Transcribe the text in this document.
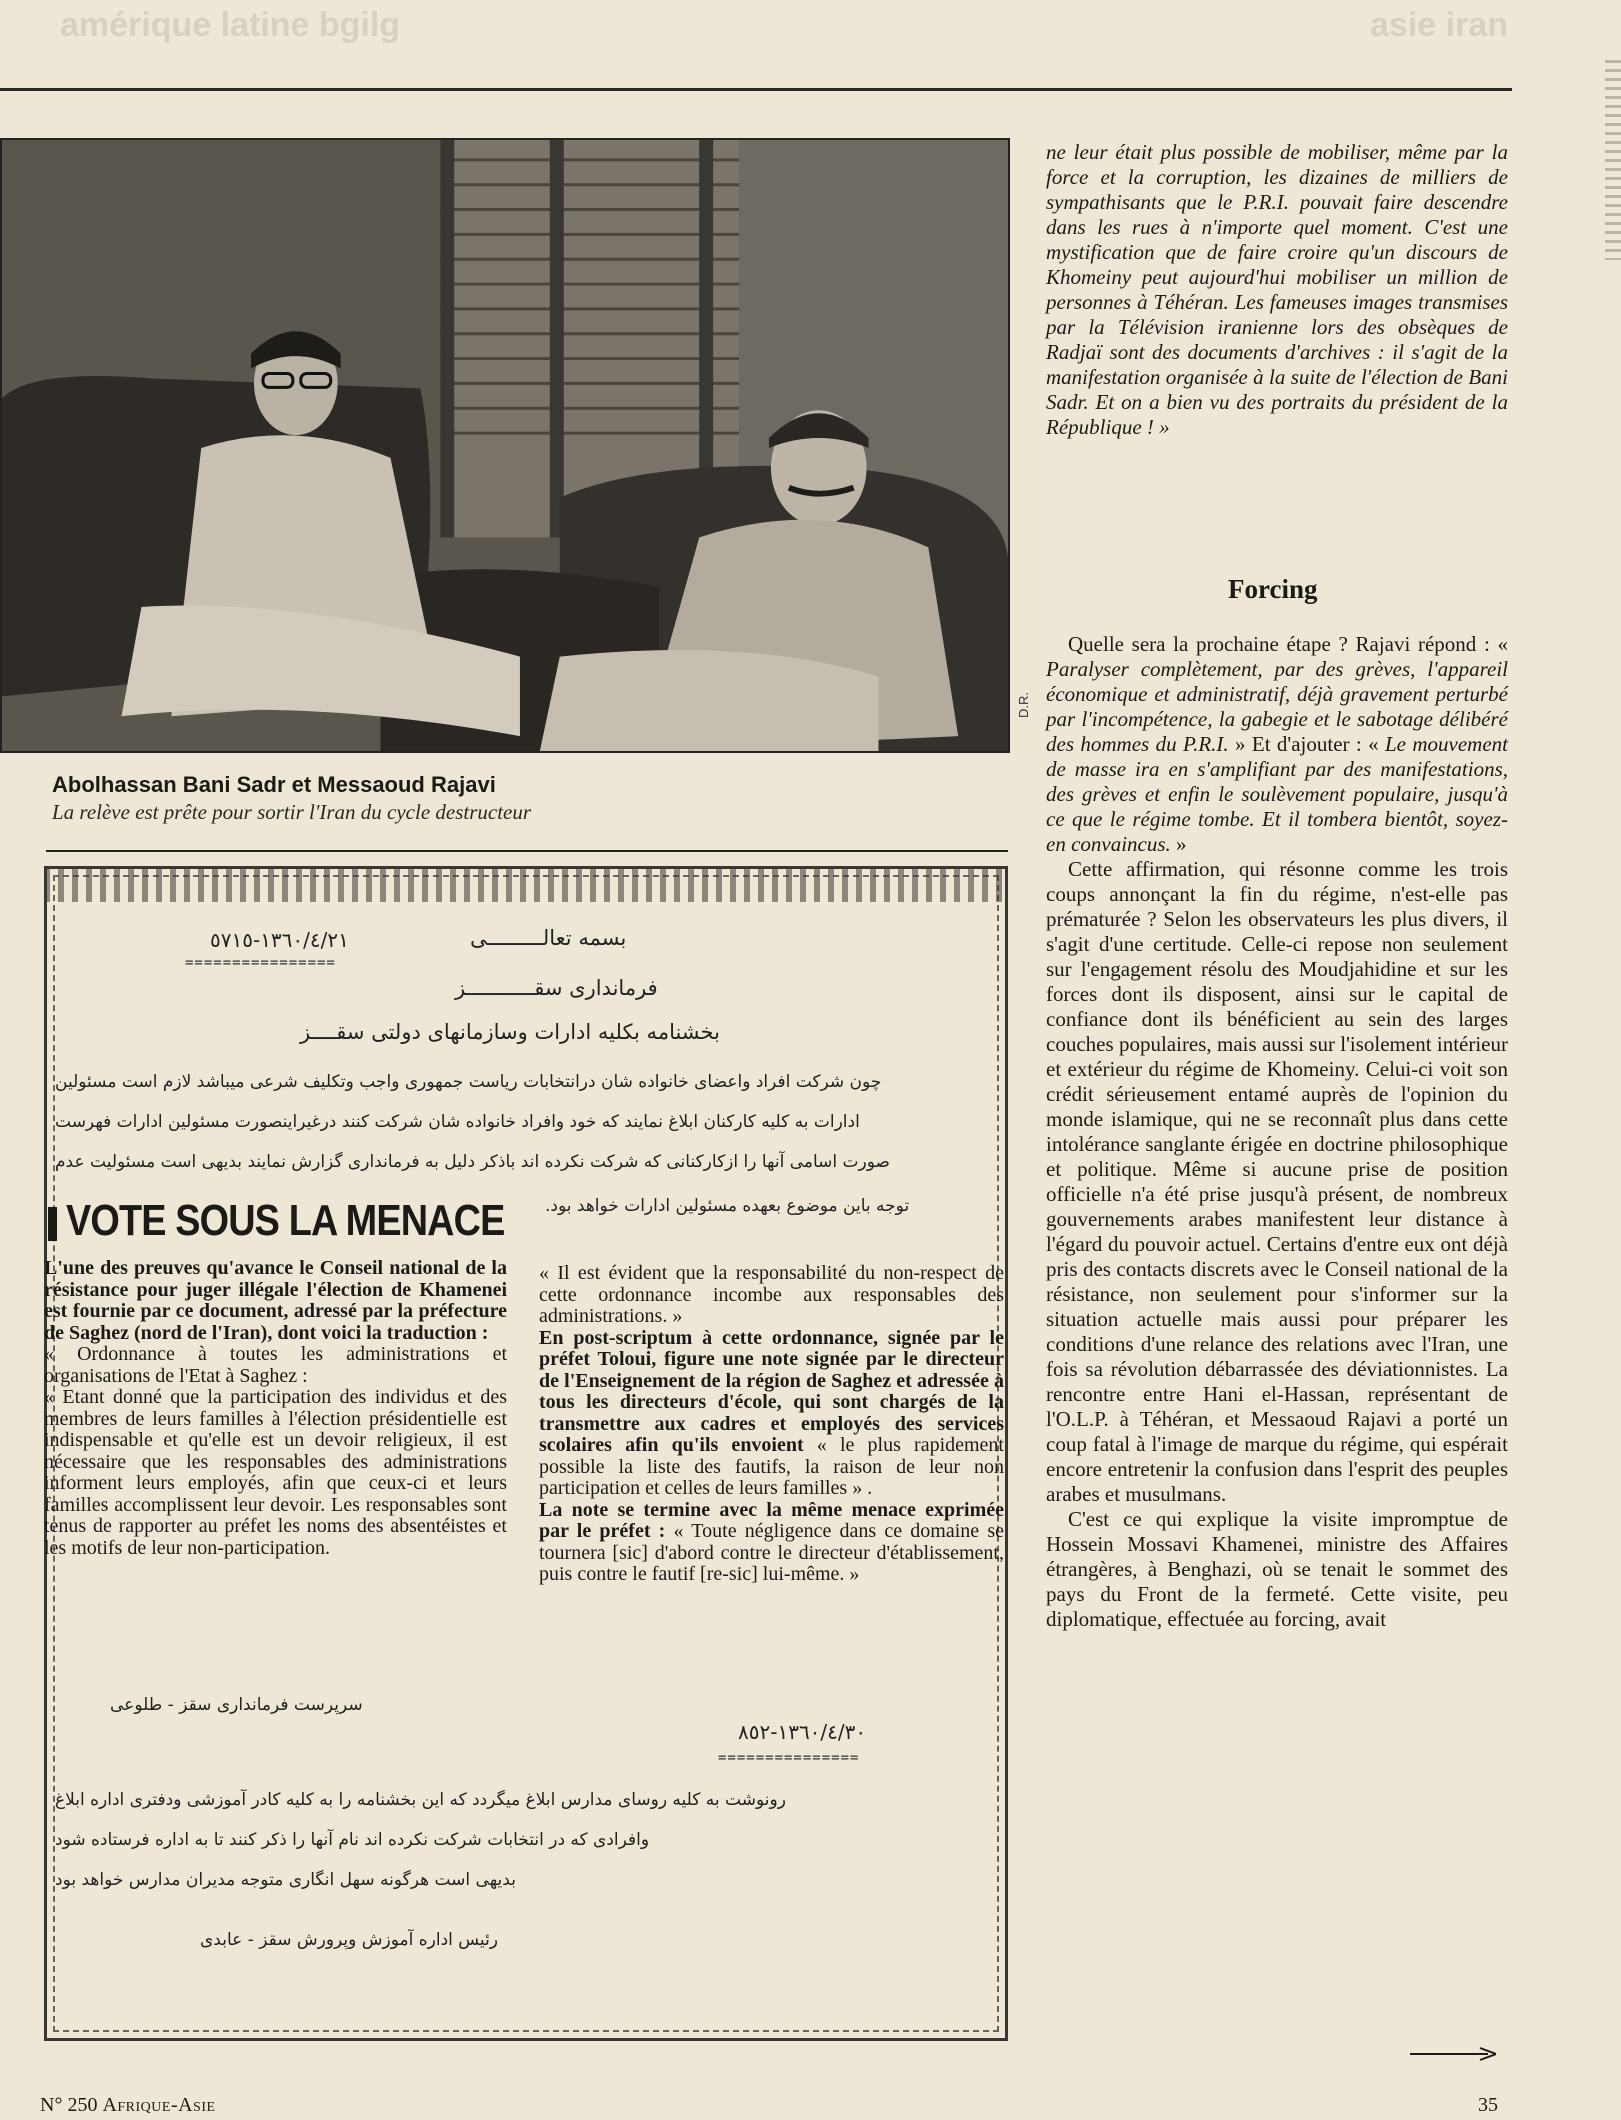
amérique latine bgilg	asie iran
D.R.
Abolhassan Bani Sadr et Messaoud Rajavi
La relève est prête pour sortir l'Iran du cycle destructeur
١٣٦٠/٤/٢١-٥٧١٥
================
بسمه تعالـــــــــی
فرمانداری سقـــــــــــز
بخشنامه بکلیه ادارات وسازمانهای دولتی سقــــز
چون شرکت افراد واعضای خانواده شان درانتخابات ریاست جمهوری واجب وتکلیف شرعی میباشد لازم است مسئولین
ادارات به کلیه کارکنان ابلاغ نمایند که خود وافراد خانواده شان شرکت کنند درغیراینصورت مسئولین ادارات فهرست
صورت اسامی آنها را ازکارکنانی که شرکت نکرده اند باذکر دلیل به فرمانداری گزارش نمایند بدیهی است مسئولیت عدم
توجه باین موضوع بعهده مسئولین ادارات خواهد بود.
VOTE SOUS LA MENACE

L'une des preuves qu'avance le Conseil national de la résistance pour juger illégale l'élection de Khamenei est fournie par ce document, adressé par la préfecture de Saghez (nord de l'Iran), dont voici la traduction :

« Ordonnance à toutes les administrations et organisations de l'Etat à Saghez :

« Etant donné que la participation des individus et des membres de leurs familles à l'élection présidentielle est indispensable et qu'elle est un devoir religieux, il est nécessaire que les responsables des administrations informent leurs employés, afin que ceux-ci et leurs familles accomplissent leur devoir. Les responsables sont tenus de rapporter au préfet les noms des absentéistes et les motifs de leur non-participation.

« Il est évident que la responsabilité du non-respect de cette ordonnance incombe aux responsables des administrations. »

En post-scriptum à cette ordonnance, signée par le préfet Toloui, figure une note signée par le directeur de l'Enseignement de la région de Saghez et adressée à tous les directeurs d'école, qui sont chargés de la transmettre aux cadres et employés des services scolaires afin qu'ils envoient « le plus rapidement possible la liste des fautifs, la raison de leur non participation et celles de leurs familles » .

La note se termine avec la même menace exprimée par le préfet : « Toute négligence dans ce domaine se tournera [sic] d'abord contre le directeur d'établissement, puis contre le fautif [re-sic] lui-même. »

سرپرست فرمانداری سقز - طلوعی
١٣٦٠/٤/٣٠-٨٥٢
===============
رونوشت به کلیه روسای مدارس ابلاغ میگردد که این بخشنامه را به کلیه کادر آموزشی ودفتری اداره ابلاغ
وافرادی که در انتخابات شرکت نکرده اند نام آنها را ذکر کنند تا به اداره فرستاده شود
بدیهی است هرگونه سهل انگاری متوجه مدیران مدارس خواهد بود
رئیس اداره آموزش وپرورش سقز - عابدی

ne leur était plus possible de mobiliser, même par la force et la corruption, les dizaines de milliers de sympathisants que le P.R.I. pouvait faire descendre dans les rues à n'importe quel moment. C'est une mystification que de faire croire qu'un discours de Khomeiny peut aujourd'hui mobiliser un million de personnes à Téhéran. Les fameuses images transmises par la Télévision iranienne lors des obsèques de Radjaï sont des documents d'archives : il s'agit de la manifestation organisée à la suite de l'élection de Bani Sadr. Et on a bien vu des portraits du président de la République ! »

Forcing

Quelle sera la prochaine étape ? Rajavi répond : « Paralyser complètement, par des grèves, l'appareil économique et administratif, déjà gravement perturbé par l'incompétence, la gabegie et le sabotage délibéré des hommes du P.R.I. » Et d'ajouter : « Le mouvement de masse ira en s'amplifiant par des manifestations, des grèves et enfin le soulèvement populaire, jusqu'à ce que le régime tombe. Et il tombera bientôt, soyez-en convaincus. »

Cette affirmation, qui résonne comme les trois coups annonçant la fin du régime, n'est-elle pas prématurée ? Selon les observateurs les plus divers, il s'agit d'une certitude. Celle-ci repose non seulement sur l'engagement résolu des Moudjahidine et sur les forces dont ils disposent, ainsi sur le capital de confiance dont ils bénéficient au sein des larges couches populaires, mais aussi sur l'isolement intérieur et extérieur du régime de Khomeiny. Celui-ci voit son crédit sérieusement entamé auprès de l'opinion du monde islamique, qui ne se reconnaît plus dans cette intolérance sanglante érigée en doctrine philosophique et politique. Même si aucune prise de position officielle n'a été prise jusqu'à présent, de nombreux gouvernements arabes manifestent leur distance à l'égard du pouvoir actuel. Certains d'entre eux ont déjà pris des contacts discrets avec le Conseil national de la résistance, non seulement pour s'informer sur la situation actuelle mais aussi pour préparer les conditions d'une relance des relations avec l'Iran, une fois sa révolution débarrassée des déviationnistes. La rencontre entre Hani el-Hassan, représentant de l'O.L.P. à Téhéran, et Messaoud Rajavi a porté un coup fatal à l'image de marque du régime, qui espérait encore entretenir la confusion dans l'esprit des peuples arabes et musulmans.

C'est ce qui explique la visite impromptue de Hossein Mossavi Khamenei, ministre des Affaires étrangères, à Benghazi, où se tenait le sommet des pays du Front de la fermeté. Cette visite, peu diplomatique, effectuée au forcing, avait

N° 250 Afrique-Asie	35
